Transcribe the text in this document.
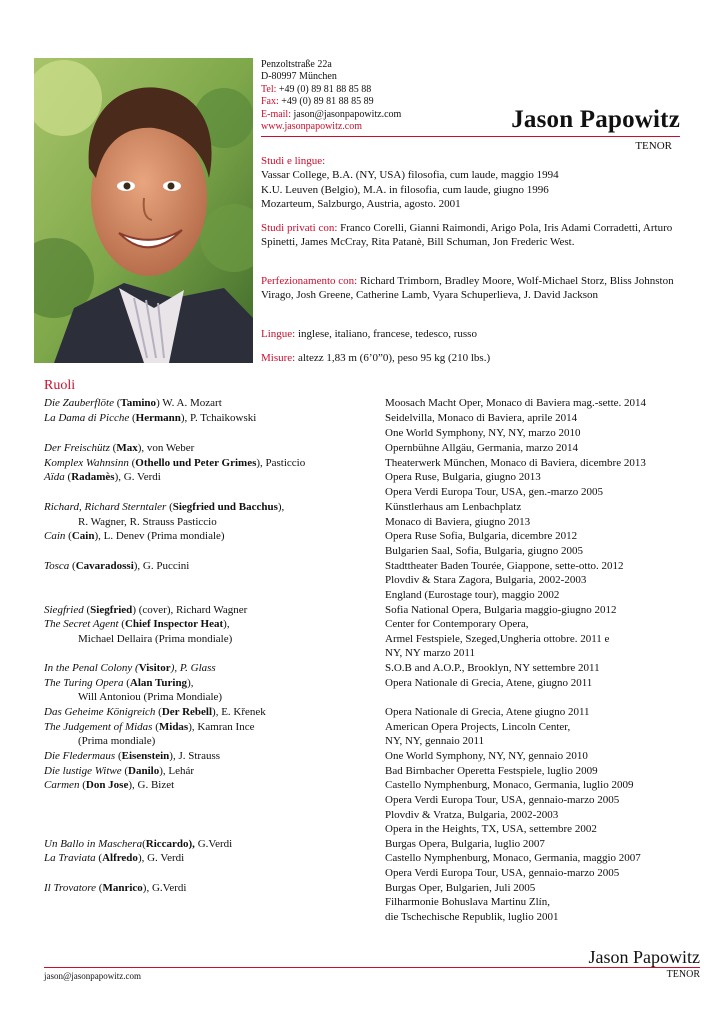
Penzoltstraße 22a
D-80997 München
Tel: +49 (0) 89 81 88 85 88
Fax: +49 (0) 89 81 88 85 89
E-mail: jason@jasonpapowitz.com
www.jasonpapowitz.com	Jason Papowitz
TENOR
Studi e lingue:
Vassar College, B.A. (NY, USA) filosofia, cum laude, maggio 1994
K.U. Leuven (Belgio), M.A. in filosofia, cum laude, giugno 1996
Mozarteum, Salzburgo, Austria, agosto. 2001
Studi privati con: Franco Corelli, Gianni Raimondi, Arigo Pola, Iris Adami Corradetti, Arturo Spinetti, James McCray, Rita Patanè, Bill Schuman, Jon Frederic West.
Perfezionamento con: Richard Trimborn, Bradley Moore, Wolf-Michael Storz, Bliss Johnston Virago, Josh Greene, Catherine Lamb, Vyara Schuperlieva, J. David Jackson
Lingue: inglese, italiano, francese, tedesco, russo
Misure: altezz 1,83 m (6’0”0), peso 95 kg (210 lbs.)
Ruoli
Die Zauberflöte (Tamino) W. A. Mozart
La Dama di Picche (Hermann), P. Tchaikowski
Der Freischütz (Max), von Weber
Komplex Wahnsinn (Othello und Peter Grimes), Pasticcio
Aïda (Radamès), G. Verdi
Richard, Richard Sterntaler (Siegfried und Bacchus),
R. Wagner, R. Strauss Pasticcio
Cain (Cain), L. Denev (Prima mondiale)
Tosca (Cavaradossi), G. Puccini
Siegfried (Siegfried) (cover), Richard Wagner
The Secret Agent (Chief Inspector Heat),
Michael Dellaira (Prima mondiale)
In the Penal Colony (Visitor), P. Glass
The Turing Opera (Alan Turing),
Will Antoniou (Prima Mondiale)
Das Geheime Königreich (Der Rebell), E. Křenek
The Judgement of Midas (Midas), Kamran Ince
(Prima mondiale)
Die Fledermaus (Eisenstein), J. Strauss
Die lustige Witwe (Danilo), Lehár
Carmen (Don Jose), G. Bizet
Un Ballo in Maschera(Riccardo), G.Verdi
La Traviata (Alfredo), G. Verdi
Il Trovatore (Manrico), G.Verdi
Moosach Macht Oper, Monaco di Baviera mag.-sette. 2014
Seidelvilla, Monaco di Baviera, aprile 2014
One World Symphony, NY, NY, marzo 2010
Opernbühne Allgäu, Germania, marzo 2014
Theaterwerk München, Monaco di Baviera, dicembre 2013
Opera Ruse, Bulgaria, giugno 2013
Opera Verdi Europa Tour, USA, gen.-marzo 2005
Künstlerhaus am Lenbachplatz
Monaco di Baviera, giugno 2013
Opera Ruse Sofia, Bulgaria, dicembre 2012
Bulgarien Saal, Sofia, Bulgaria, giugno 2005
Stadttheater Baden Tourée, Giappone, sette-otto. 2012
Plovdiv & Stara Zagora, Bulgaria, 2002-2003
England (Eurostage tour), maggio 2002
Sofia National Opera, Bulgaria maggio-giugno 2012
Center for Contemporary Opera,
Armel Festspiele, Szeged,Ungheria ottobre. 2011 e
NY, NY marzo 2011
S.O.B and A.O.P., Brooklyn, NY settembre 2011
Opera Nationale di Grecia, Atene, giugno 2011
Opera Nationale di Grecia, Atene giugno 2011
American Opera Projects, Lincoln Center,
NY, NY, gennaio 2011
One World Symphony, NY, NY, gennaio 2010
Bad Birnbacher Operetta Festspiele, luglio 2009
Castello Nymphenburg, Monaco, Germania, luglio 2009
Opera Verdi Europa Tour, USA, gennaio-marzo 2005
Plovdiv & Vratza, Bulgaria, 2002-2003
Opera in the Heights, TX, USA, settembre 2002
Burgas Opera, Bulgaria, luglio 2007
Castello Nymphenburg, Monaco, Germania, maggio 2007
Opera Verdi Europa Tour, USA, gennaio-marzo 2005
Burgas Oper, Bulgarien, Juli 2005
Filharmonie Bohuslava Martinu Zlín,
die Tschechische Republik, luglio 2001
Jason Papowitz
jason@jasonpapowitz.com	TENOR
